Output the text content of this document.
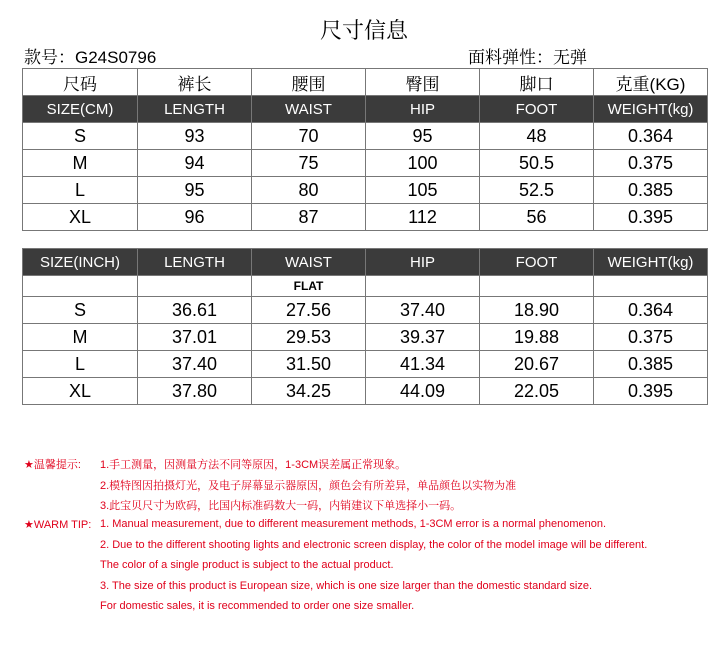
尺寸信息
款号：G24S0796	面料弹性：无弹
尺码	裤长	腰围	臀围	脚口	克重(KG)
SIZE(CM)	LENGTH	WAIST	HIP	FOOT	WEIGHT(kg)
S	93	70	95	48	0.364
M	94	75	100	50.5	0.375
L	95	80	105	52.5	0.385
XL	96	87	112	56	0.395
SIZE(INCH)	LENGTH	WAIST	HIP	FOOT	WEIGHT(kg)
		FLAT			
S	36.61	27.56	37.40	18.90	0.364
M	37.01	29.53	39.37	19.88	0.375
L	37.40	31.50	41.34	20.67	0.385
XL	37.80	34.25	44.09	22.05	0.395
★温馨提示: 1.手工测量，因测量方法不同等原因，1-3CM误差属正常现象。
2.模特图因拍摄灯光，及电子屏幕显示器原因，颜色会有所差异，单品颜色以实物为准
3.此宝贝尺寸为欧码，比国内标准码数大一码，内销建议下单选择小一码。
★WARM TIP: 1. Manual measurement, due to different measurement methods, 1-3CM error is a normal phenomenon.
2. Due to the different shooting lights and electronic screen display, the color of the model image will be different.
The color of a single product is subject to the actual product.
3. The size of this product is European size, which is one size larger than the domestic standard size.
For domestic sales, it is recommended to order one size smaller.
